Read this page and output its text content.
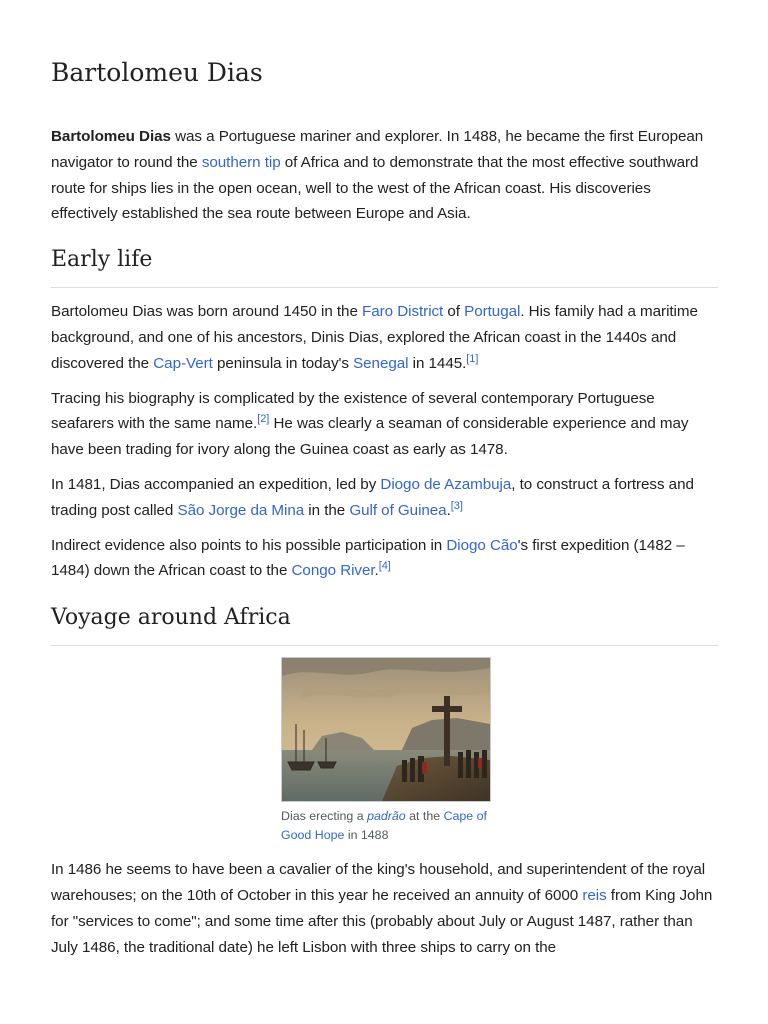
Bartolomeu Dias

Bartolomeu Dias was a Portuguese mariner and explorer. In 1488, he became the first European navigator to round the southern tip of Africa and to demonstrate that the most effective southward route for ships lies in the open ocean, well to the west of the African coast. His discoveries effectively established the sea route between Europe and Asia.

Early life

Bartolomeu Dias was born around 1450 in the Faro District of Portugal. His family had a maritime background, and one of his ancestors, Dinis Dias, explored the African coast in the 1440s and discovered the Cap-Vert peninsula in today's Senegal in 1445.[1]

Tracing his biography is complicated by the existence of several contemporary Portuguese seafarers with the same name.[2] He was clearly a seaman of considerable experience and may have been trading for ivory along the Guinea coast as early as 1478.

In 1481, Dias accompanied an expedition, led by Diogo de Azambuja, to construct a fortress and trading post called São Jorge da Mina in the Gulf of Guinea.[3]

Indirect evidence also points to his possible participation in Diogo Cão's first expedition (1482 – 1484) down the African coast to the Congo River.[4]

Voyage around Africa
Dias erecting a padrão at the Cape of Good Hope in 1488

In 1486 he seems to have been a cavalier of the king's household, and superintendent of the royal warehouses; on the 10th of October in this year he received an annuity of 6000 reis from King John for "services to come"; and some time after this (probably about July or August 1487, rather than July 1486, the traditional date) he left Lisbon with three ships to carry on the
